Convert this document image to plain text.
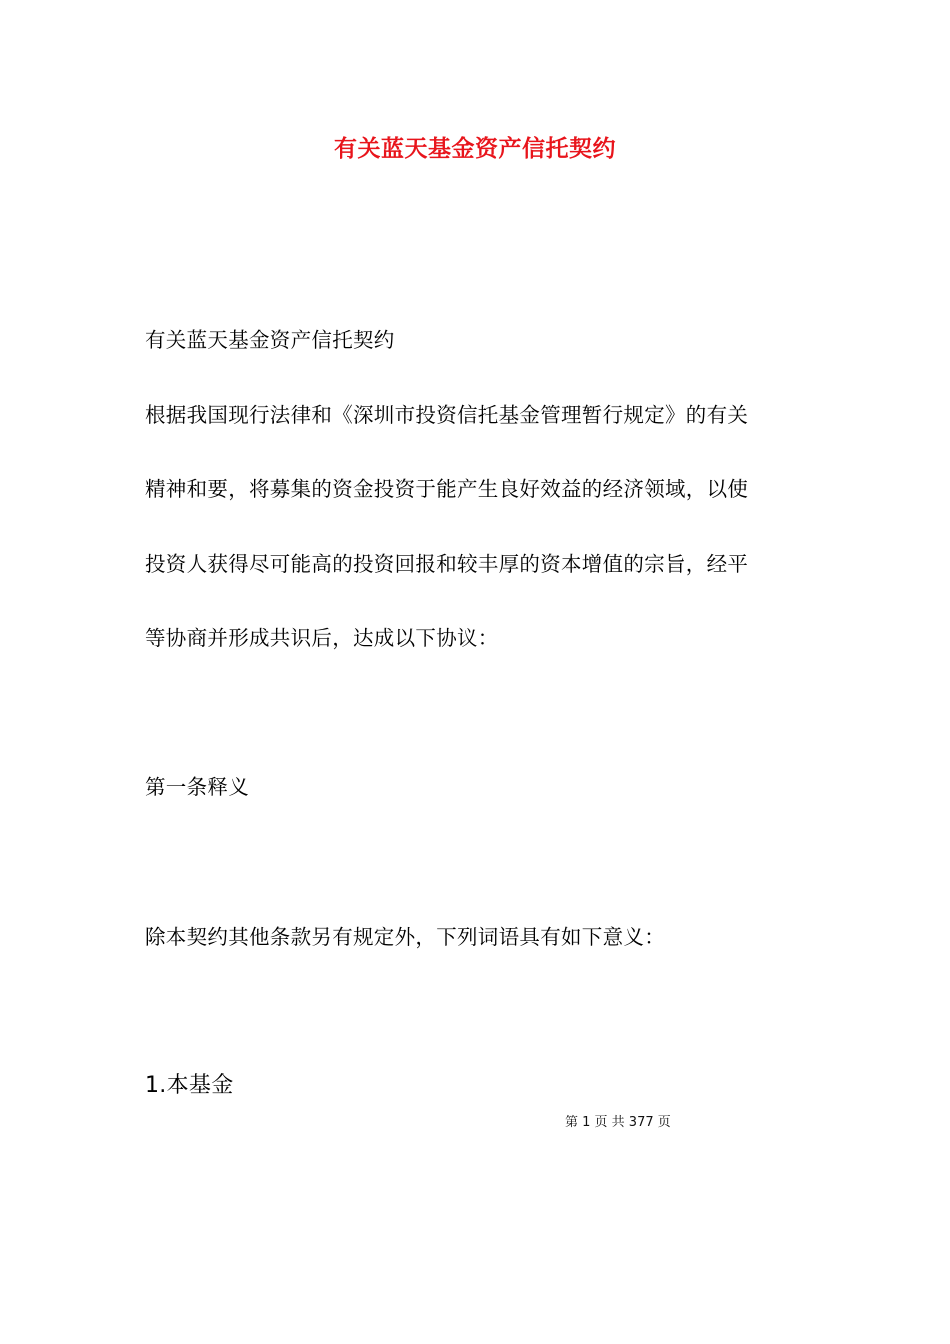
有关蓝天基金资产信托契约
有关蓝天基金资产信托契约
根据我国现行法律和《深圳市投资信托基金管理暂行规定》的有关
精神和要，将募集的资金投资于能产生良好效益的经济领域，以使
投资人获得尽可能高的投资回报和较丰厚的资本增值的宗旨，经平
等协商并形成共识后，达成以下协议：
第一条释义
除本契约其他条款另有规定外，下列词语具有如下意义：
1.本基金
第 1 页 共 377 页
